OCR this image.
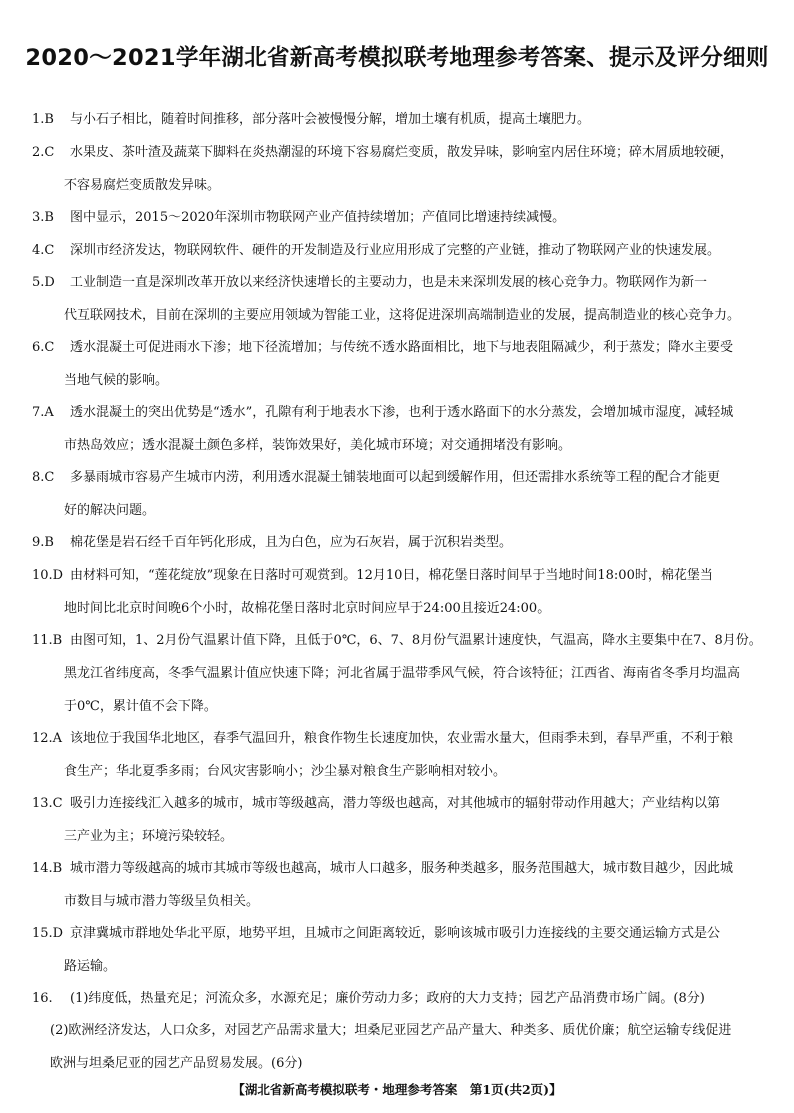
2020～2021学年湖北省新高考模拟联考地理参考答案、提示及评分细则
1.B 与小石子相比，随着时间推移，部分落叶会被慢慢分解，增加土壤有机质，提高土壤肥力。
2.C 水果皮、茶叶渣及蔬菜下脚料在炎热潮湿的环境下容易腐烂变质，散发异味，影响室内居住环境；碎木屑质地较硬，
不容易腐烂变质散发异味。
3.B 图中显示，2015～2020年深圳市物联网产业产值持续增加；产值同比增速持续减慢。
4.C 深圳市经济发达，物联网软件、硬件的开发制造及行业应用形成了完整的产业链，推动了物联网产业的快速发展。
5.D 工业制造一直是深圳改革开放以来经济快速增长的主要动力，也是未来深圳发展的核心竞争力。物联网作为新一
代互联网技术，目前在深圳的主要应用领域为智能工业，这将促进深圳高端制造业的发展，提高制造业的核心竞争力。
6.C 透水混凝土可促进雨水下渗；地下径流增加；与传统不透水路面相比，地下与地表阻隔减少，利于蒸发；降水主要受
当地气候的影响。
7.A 透水混凝土的突出优势是“透水”，孔隙有利于地表水下渗，也利于透水路面下的水分蒸发，会增加城市湿度，减轻城
市热岛效应；透水混凝土颜色多样，装饰效果好，美化城市环境；对交通拥堵没有影响。
8.C 多暴雨城市容易产生城市内涝，利用透水混凝土铺装地面可以起到缓解作用，但还需排水系统等工程的配合才能更
好的解决问题。
9.B 棉花堡是岩石经千百年钙化形成，且为白色，应为石灰岩，属于沉积岩类型。
10.D 由材料可知，“莲花绽放”现象在日落时可观赏到。12月10日，棉花堡日落时间早于当地时间18:00时，棉花堡当
地时间比北京时间晚6个小时，故棉花堡日落时北京时间应早于24:00且接近24:00。
11.B 由图可知，1、2月份气温累计值下降，且低于0℃，6、7、8月份气温累计速度快，气温高，降水主要集中在7、8月份。
黑龙江省纬度高，冬季气温累计值应快速下降；河北省属于温带季风气候，符合该特征；江西省、海南省冬季月均温高
于0℃，累计值不会下降。
12.A 该地位于我国华北地区，春季气温回升，粮食作物生长速度加快，农业需水量大，但雨季未到，春旱严重，不利于粮
食生产；华北夏季多雨；台风灾害影响小；沙尘暴对粮食生产影响相对较小。
13.C 吸引力连接线汇入越多的城市，城市等级越高，潜力等级也越高，对其他城市的辐射带动作用越大；产业结构以第
三产业为主；环境污染较轻。
14.B 城市潜力等级越高的城市其城市等级也越高，城市人口越多，服务种类越多，服务范围越大，城市数目越少，因此城
市数目与城市潜力等级呈负相关。
15.D 京津冀城市群地处华北平原，地势平坦，且城市之间距离较近，影响该城市吸引力连接线的主要交通运输方式是公
路运输。
16. (1)纬度低，热量充足；河流众多，水源充足；廉价劳动力多；政府的大力支持；园艺产品消费市场广阔。(8分)
(2)欧洲经济发达，人口众多，对园艺产品需求量大；坦桑尼亚园艺产品产量大、种类多、质优价廉；航空运输专线促进
欧洲与坦桑尼亚的园艺产品贸易发展。(6分)
【湖北省新高考模拟联考・地理参考答案　第1页(共2页)】
